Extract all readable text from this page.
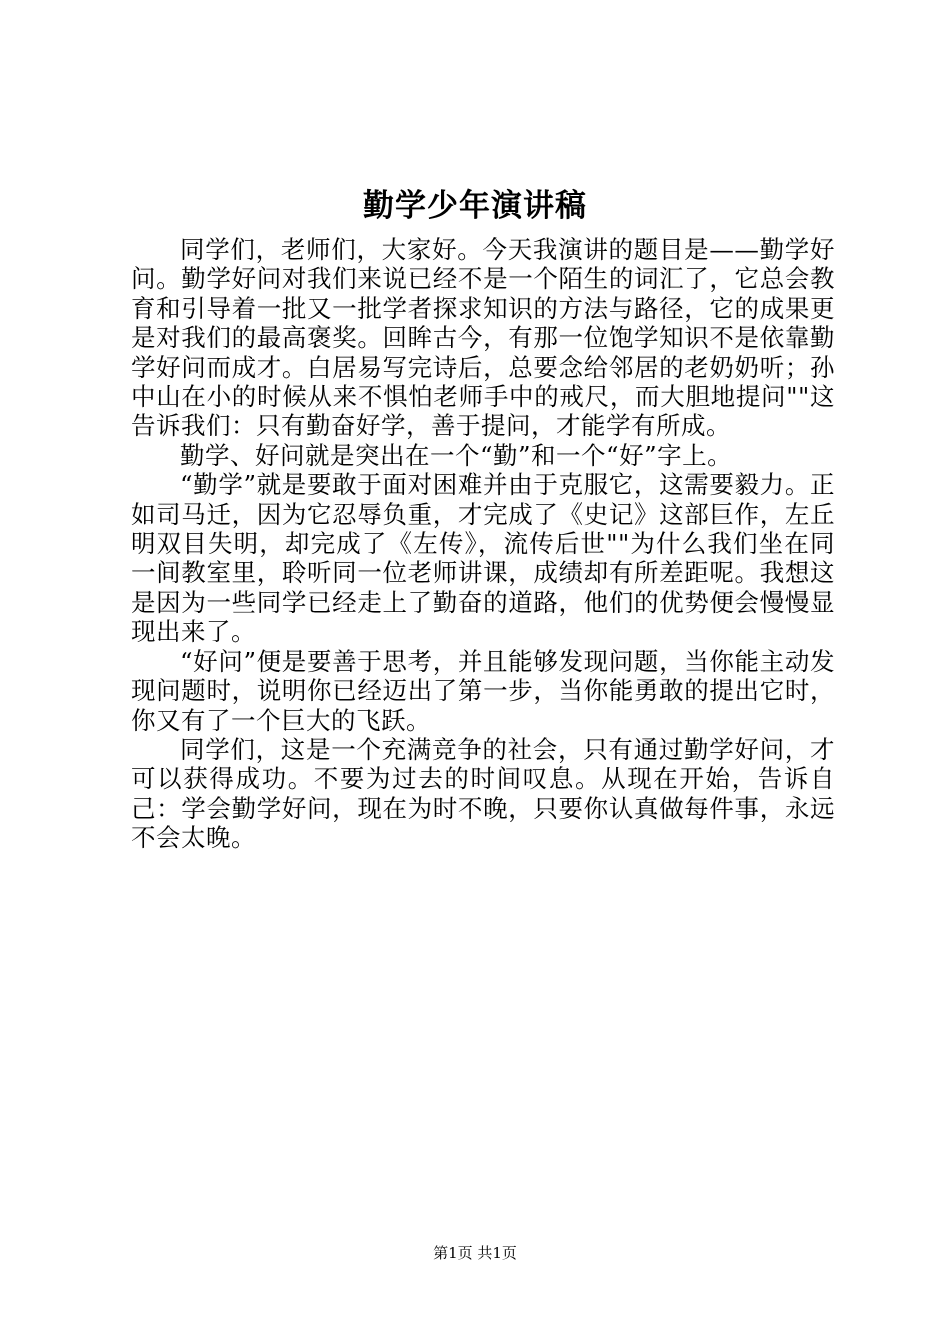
勤学少年演讲稿

同学们，老师们，大家好。今天我演讲的题目是——勤学好问。勤学好问对我们来说已经不是一个陌生的词汇了，它总会教育和引导着一批又一批学者探求知识的方法与路径，它的成果更是对我们的最高褒奖。回眸古今，有那一位饱学知识不是依靠勤学好问而成才。白居易写完诗后，总要念给邻居的老奶奶听；孙中山在小的时候从来不惧怕老师手中的戒尺，而大胆地提问""这告诉我们：只有勤奋好学，善于提问，才能学有所成。

勤学、好问就是突出在一个“勤”和一个“好”字上。

“勤学”就是要敢于面对困难并由于克服它，这需要毅力。正如司马迁，因为它忍辱负重，才完成了《史记》这部巨作，左丘明双目失明，却完成了《左传》，流传后世""为什么我们坐在同一间教室里，聆听同一位老师讲课，成绩却有所差距呢。我想这是因为一些同学已经走上了勤奋的道路，他们的优势便会慢慢显现出来了。

“好问”便是要善于思考，并且能够发现问题，当你能主动发现问题时，说明你已经迈出了第一步，当你能勇敢的提出它时，你又有了一个巨大的飞跃。

同学们，这是一个充满竞争的社会，只有通过勤学好问，才可以获得成功。不要为过去的时间叹息。从现在开始，告诉自己：学会勤学好问，现在为时不晚，只要你认真做每件事，永远不会太晚。

第1页 共1页
